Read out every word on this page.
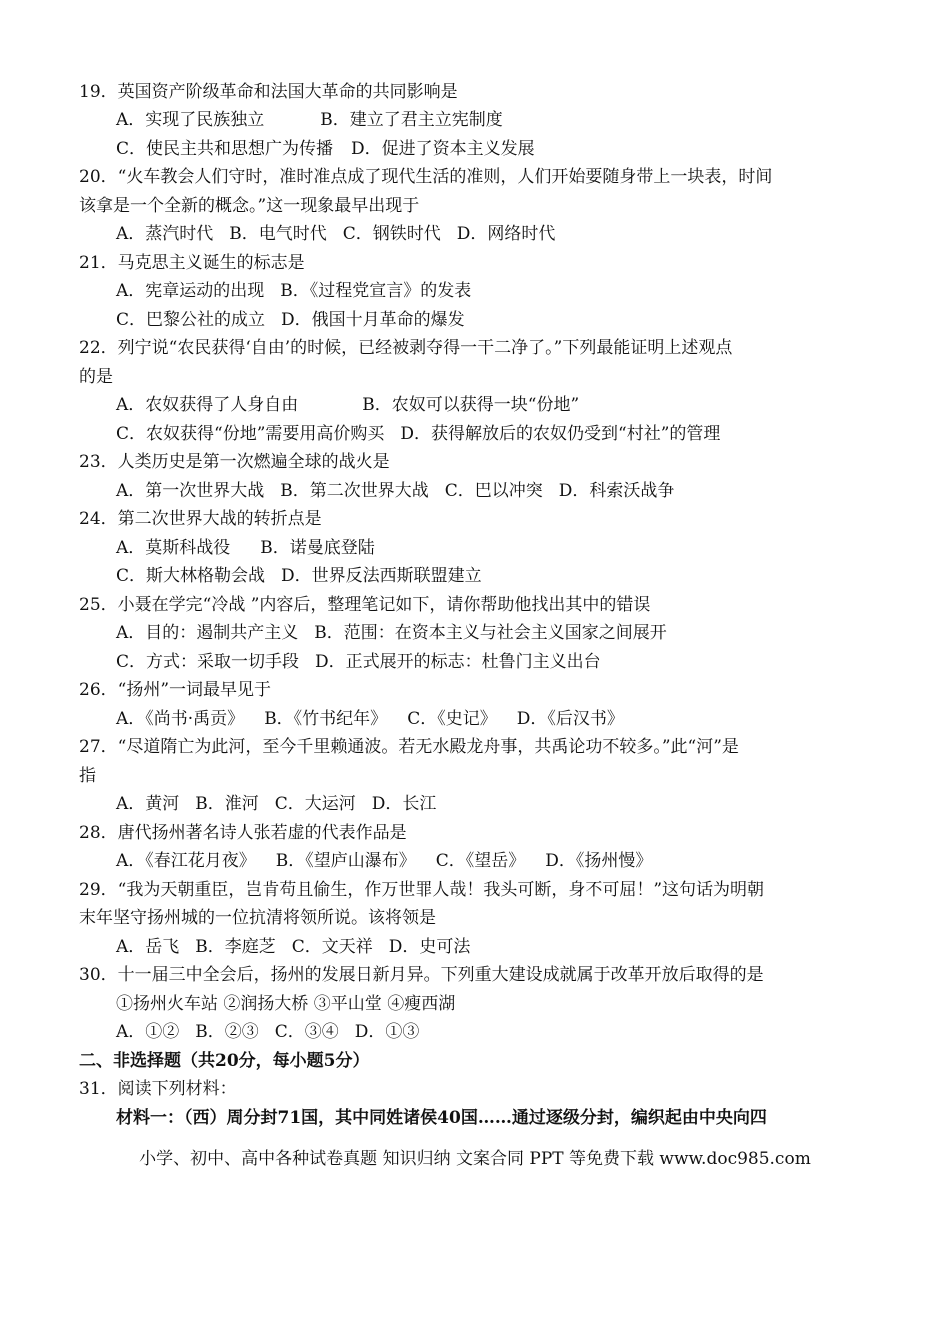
19．英国资产阶级革命和法国大革命的共同影响是
A．实现了民族独立	B．建立了君主立宪制度
C．使民主共和思想广为传播 D．促进了资本主义发展
20．“火车教会人们守时，准时准点成了现代生活的准则，人们开始要随身带上一块表，时间
该拿是一个全新的概念。”这一现象最早出现于
A．蒸汽时代 B．电气时代 C．钢铁时代 D．网络时代
21．马克思主义诞生的标志是
A．宪章运动的出现 B．《过程党宣言》的发表
C．巴黎公社的成立 D．俄国十月革命的爆发
22．列宁说“农民获得‘自由’的时候，已经被剥夺得一干二净了。”下列最能证明上述观点
的是
A．农奴获得了人身自由	B．农奴可以获得一块“份地”
C．农奴获得“份地”需要用高价购买 D．获得解放后的农奴仍受到“村社”的管理
23．人类历史是第一次燃遍全球的战火是
A．第一次世界大战 B．第二次世界大战 C．巴以冲突 D．科索沃战争
24．第二次世界大战的转折点是
A．莫斯科战役 B．诺曼底登陆
C．斯大林格勒会战 D．世界反法西斯联盟建立
25．小聂在学完“冷战 ”内容后，整理笔记如下，请你帮助他找出其中的错误
A．目的：遏制共产主义 B．范围：在资本主义与社会主义国家之间展开
C．方式：采取一切手段 D．正式展开的标志：杜鲁门主义出台
26．“扬州”一词最早见于
A．《尚书·禹贡》 B．《竹书纪年》 C．《史记》 D．《后汉书》
27．“尽道隋亡为此河，至今千里赖通波。若无水殿龙舟事，共禹论功不较多。”此“河”是
指
A．黄河 B．淮河 C．大运河 D．长江
28．唐代扬州著名诗人张若虚的代表作品是
A．《春江花月夜》 B．《望庐山瀑布》 C．《望岳》 D．《扬州慢》
29．“我为天朝重臣，岂肯苟且偷生，作万世罪人哉！我头可断，身不可屈！”这句话为明朝
末年坚守扬州城的一位抗清将领所说。该将领是
A．岳飞 B．李庭芝 C．文天祥 D．史可法
30．十一届三中全会后，扬州的发展日新月异。下列重大建设成就属于改革开放后取得的是
①扬州火车站 ②润扬大桥 ③平山堂 ④瘦西湖
A．①② B．②③ C．③④ D．①③
二、非选择题（共20分，每小题5分）
31．阅读下列材料：
材料一：（西）周分封71国，其中同姓诸侯40国……通过逐级分封，编织起由中央向四
小学、初中、高中各种试卷真题 知识归纳 文案合同 PPT 等免费下载 www.doc985.com
